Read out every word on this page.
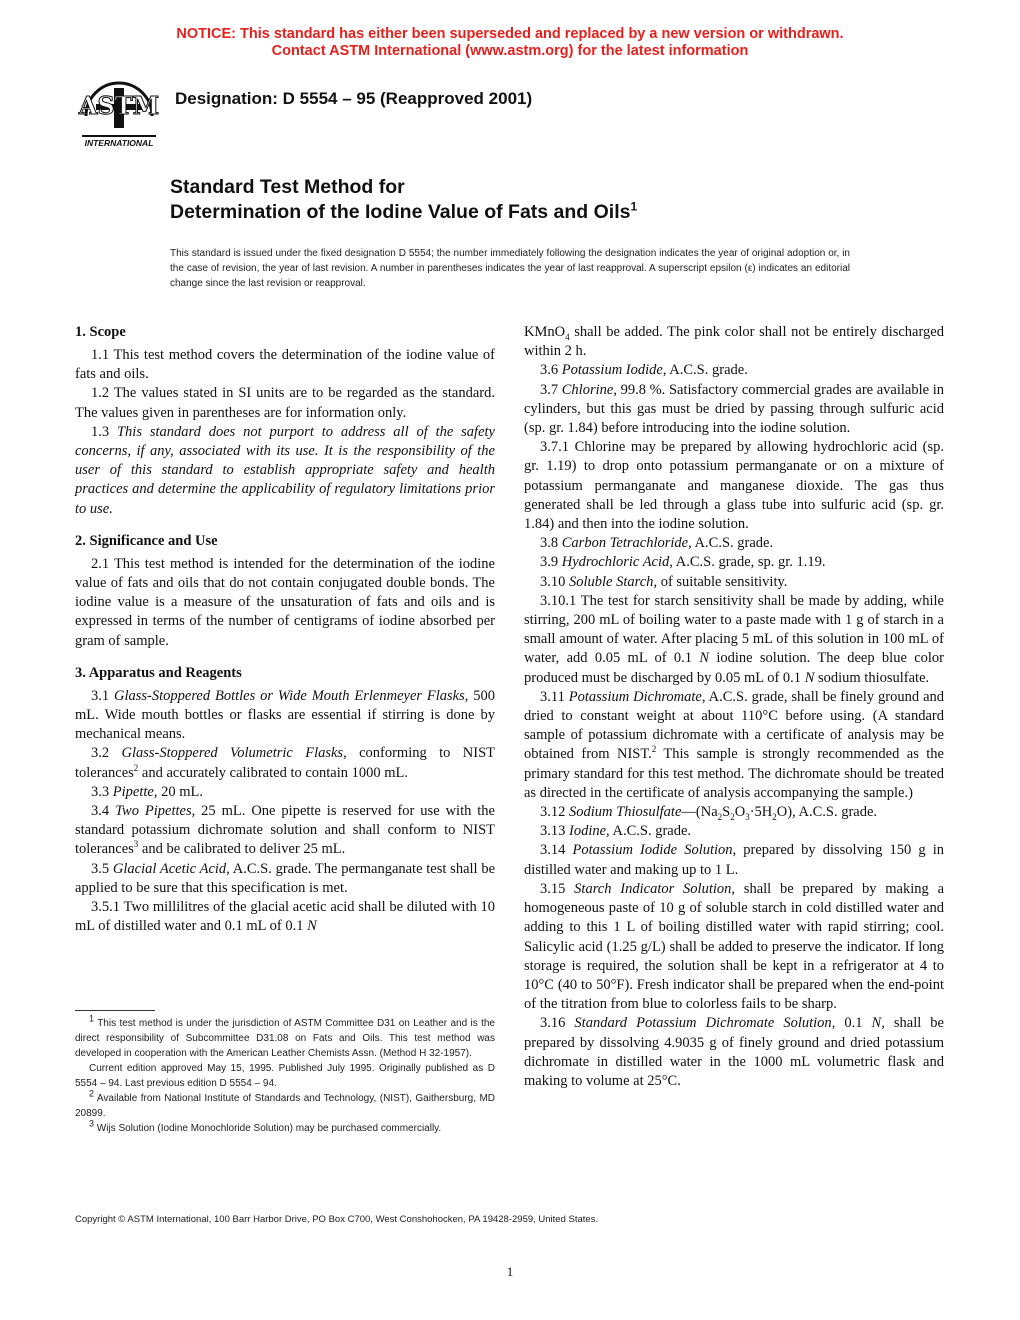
NOTICE: This standard has either been superseded and replaced by a new version or withdrawn.
Contact ASTM International (www.astm.org) for the latest information
ASTM
INTERNATIONAL
Designation: D 5554 – 95 (Reapproved 2001)
Standard Test Method for
Determination of the Iodine Value of Fats and Oils$^1$
This standard is issued under the fixed designation D 5554; the number immediately following the designation indicates the year of original adoption or, in the case of revision, the year of last revision. A number in parentheses indicates the year of last reapproval. A superscript epsilon (ε) indicates an editorial change since the last revision or reapproval.
1. Scope

1.1 This test method covers the determination of the iodine value of fats and oils.

1.2 The values stated in SI units are to be regarded as the standard. The values given in parentheses are for information only.

1.3 This standard does not purport to address all of the safety concerns, if any, associated with its use. It is the responsibility of the user of this standard to establish appropriate safety and health practices and determine the applicability of regulatory limitations prior to use.

2. Significance and Use

2.1 This test method is intended for the determination of the iodine value of fats and oils that do not contain conjugated double bonds. The iodine value is a measure of the unsaturation of fats and oils and is expressed in terms of the number of centigrams of iodine absorbed per gram of sample.

3. Apparatus and Reagents

3.1 Glass-Stoppered Bottles or Wide Mouth Erlenmeyer Flasks, 500 mL. Wide mouth bottles or flasks are essential if stirring is done by mechanical means.

3.2 Glass-Stoppered Volumetric Flasks, conforming to NIST tolerances$^2$ and accurately calibrated to contain 1000 mL.

3.3 Pipette, 20 mL.

3.4 Two Pipettes, 25 mL. One pipette is reserved for use with the standard potassium dichromate solution and shall conform to NIST tolerances$^3$ and be calibrated to deliver 25 mL.

3.5 Glacial Acetic Acid, A.C.S. grade. The permanganate test shall be applied to be sure that this specification is met.

3.5.1 Two millilitres of the glacial acetic acid shall be diluted with 10 mL of distilled water and 0.1 mL of 0.1 N

KMnO$_4$ shall be added. The pink color shall not be entirely discharged within 2 h.

3.6 Potassium Iodide, A.C.S. grade.

3.7 Chlorine, 99.8 %. Satisfactory commercial grades are available in cylinders, but this gas must be dried by passing through sulfuric acid (sp. gr. 1.84) before introducing into the iodine solution.

3.7.1 Chlorine may be prepared by allowing hydrochloric acid (sp. gr. 1.19) to drop onto potassium permanganate or on a mixture of potassium permanganate and manganese dioxide. The gas thus generated shall be led through a glass tube into sulfuric acid (sp. gr. 1.84) and then into the iodine solution.

3.8 Carbon Tetrachloride, A.C.S. grade.

3.9 Hydrochloric Acid, A.C.S. grade, sp. gr. 1.19.

3.10 Soluble Starch, of suitable sensitivity.

3.10.1 The test for starch sensitivity shall be made by adding, while stirring, 200 mL of boiling water to a paste made with 1 g of starch in a small amount of water. After placing 5 mL of this solution in 100 mL of water, add 0.05 mL of 0.1 N iodine solution. The deep blue color produced must be discharged by 0.05 mL of 0.1 N sodium thiosulfate.

3.11 Potassium Dichromate, A.C.S. grade, shall be finely ground and dried to constant weight at about 110°C before using. (A standard sample of potassium dichromate with a certificate of analysis may be obtained from NIST.$^2$ This sample is strongly recommended as the primary standard for this test method. The dichromate should be treated as directed in the certificate of analysis accompanying the sample.)

3.12 Sodium $Thiosulfate—(Na_2S_2O_3\cdot 5H_2O)$, A.C.S. grade.

3.13 Iodine, A.C.S. grade.

3.14 Potassium Iodide Solution, prepared by dissolving 150 g in distilled water and making up to 1 L.

3.15 Starch Indicator Solution, shall be prepared by making a homogeneous paste of 10 g of soluble starch in cold distilled water and adding to this 1 L of boiling distilled water with rapid stirring; cool. Salicylic acid (1.25 g/L) shall be added to preserve the indicator. If long storage is required, the solution shall be kept in a refrigerator at 4 to 10°C (40 to 50°F). Fresh indicator shall be prepared when the end-point of the titration from blue to colorless fails to be sharp.

3.16 Standard Potassium Dichromate Solution, 0.1 N, shall be prepared by dissolving 4.9035 g of finely ground and dried potassium dichromate in distilled water in the 1000 mL volumetric flask and making to volume at 25°C.

$^1$ This test method is under the jurisdiction of ASTM Committee D31 on Leather and is the direct responsibility of Subcommittee D31.08 on Fats and Oils. This test method was developed in cooperation with the American Leather Chemists Assn. (Method H 32-1957).

Current edition approved May 15, 1995. Published July 1995. Originally published as D 5554 – 94. Last previous edition D 5554 – 94.

$^2$ Available from National Institute of Standards and Technology, (NIST), Gaithersburg, MD 20899.

$^3$ Wijs Solution (Iodine Monochloride Solution) may be purchased commercially.

Copyright © ASTM International, 100 Barr Harbor Drive, PO Box C700, West Conshohocken, PA 19428-2959, United States.
1
